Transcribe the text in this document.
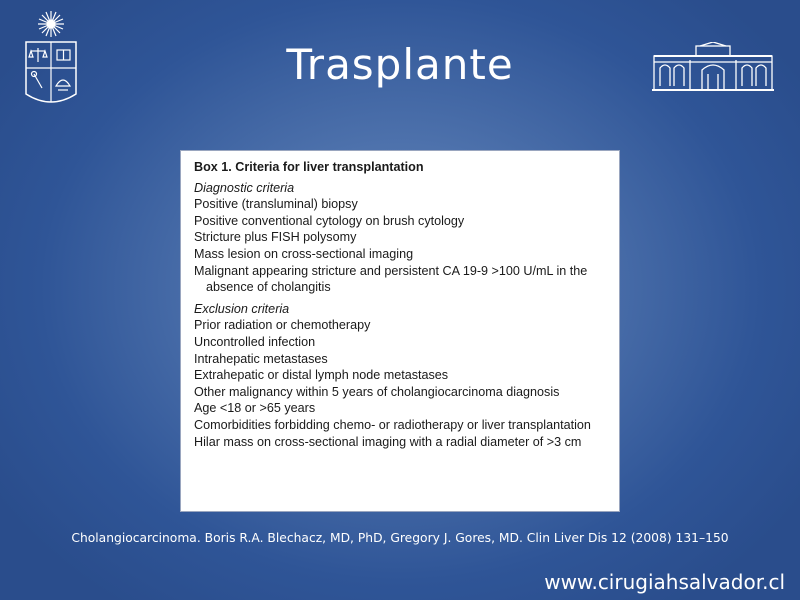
Trasplante
Box 1. Criteria for liver transplantation
Diagnostic criteria
Positive (transluminal) biopsy
Positive conventional cytology on brush cytology
Stricture plus FISH polysomy
Mass lesion on cross-sectional imaging
Malignant appearing stricture and persistent CA 19-9 >100 U/mL in the absence of cholangitis
Exclusion criteria
Prior radiation or chemotherapy
Uncontrolled infection
Intrahepatic metastases
Extrahepatic or distal lymph node metastases
Other malignancy within 5 years of cholangiocarcinoma diagnosis
Age <18 or >65 years
Comorbidities forbidding chemo- or radiotherapy or liver transplantation
Hilar mass on cross-sectional imaging with a radial diameter of >3 cm
Cholangiocarcinoma. Boris R.A. Blechacz, MD, PhD, Gregory J. Gores, MD. Clin Liver Dis 12 (2008) 131–150
www.cirugiahsalvador.cl
